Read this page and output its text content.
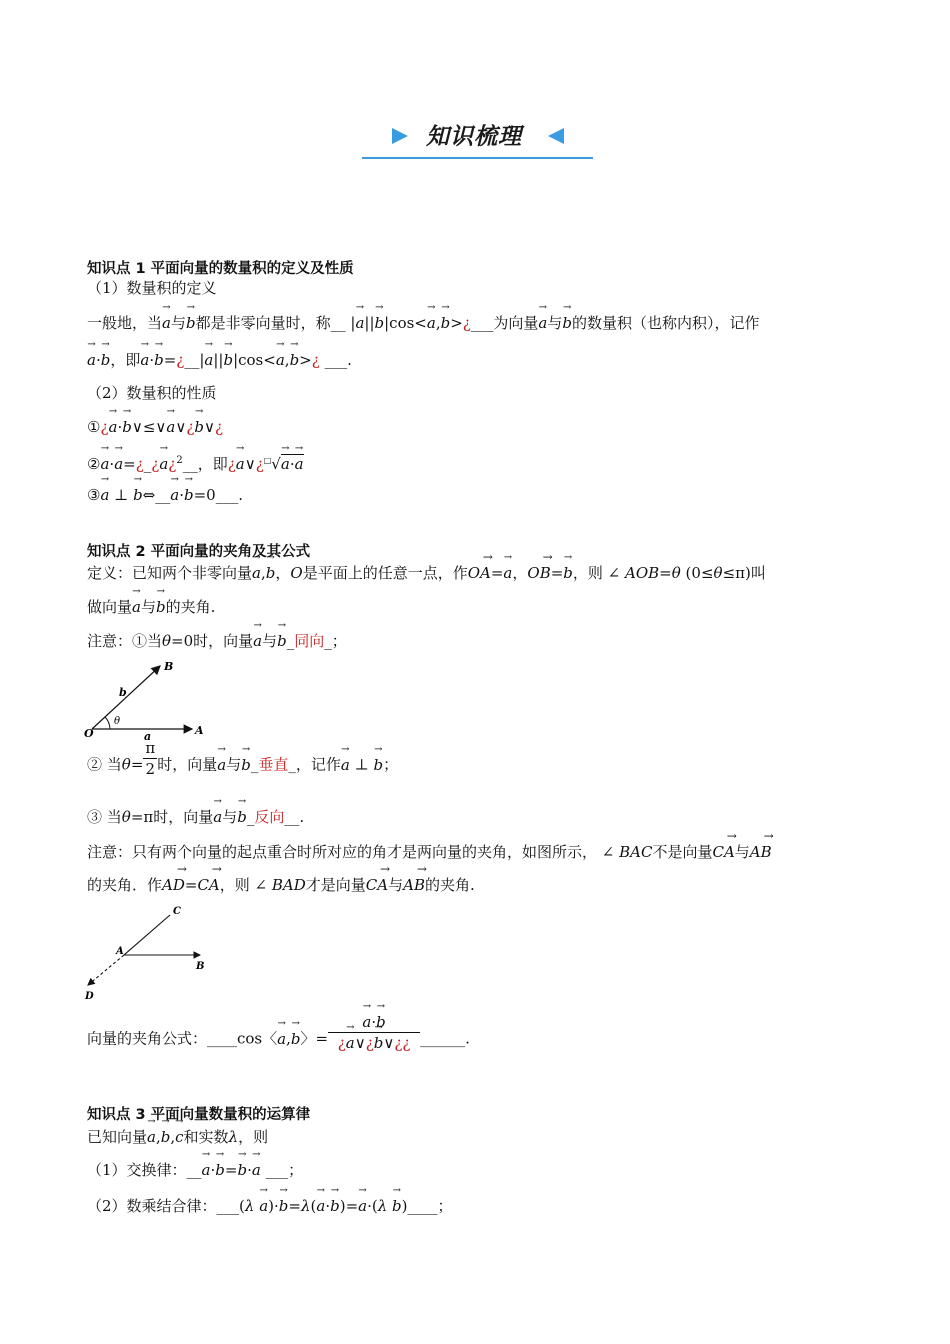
知识梳理
知识点 1 平面向量的数量积的定义及性质
（1）数量积的定义
一般地，当→ a与→ b都是非零向量时，称__ |→ a||→ b|cos<→ a,→ b>¿___为向量→ a与→ b的数量积（也称内积），记作
→ a·→ b，即→ a·→ b=¿__|→ a||→ b|cos<→ a,→ b>¿ ___.
（2）数量积的性质
①¿→ a·→ b∨≤∨→ a∨¿→ b∨¿
②→ a·→ a=¿_¿→ a¿$^2$__，即¿→ a∨¿□√→ a·→ a
③→ a ⊥ → b⇔__→ a·→ b=0___.
知识点 2 平面向量的夹角及其公式
定义：已知两个非零向量→ a,→ b，O是平面上的任意一点，作→ OA=→ a，→ OB=→ b，则 ∠ AOB=θ (0≤θ≤π)叫
做向量→ a与→ b的夹角.
注意：①当θ=0时，向量→ a与→ b_同向_；
O	A
B
a
b
θ
② 当$\theta= \frac{\pi}{2}$ 时，向量→ a与→ b_垂直_，记作→ a ⊥ → b；
③ 当θ=π时，向量→ a与→ b_反向__.
注意：只有两个向量的起点重合时所对应的角才是两向量的夹角，如图所示， ∠ BAC不是向量→ CA与→ AB
的夹角．作→ AD=→ CA，则 ∠ BAD才是向量→ CA与→ AB的夹角.
A
B
C
D
向量的夹角公式：____cos〈→ a,→ b〉= → $\frac{a\cdot\to b}{¿\to a\vee¿\to b\vee¿¿}$ ______.
知识点 3 平面向量数量积的运算律
已知向量→ a,→ b,→ c和实数λ，则
（1）交换律：__→ a·→ b=→ b·→ a ___；
（2）数乘结合律：___(λ → a)·→ b=λ(→ a·→ b)=→ a·(λ → b)____；
